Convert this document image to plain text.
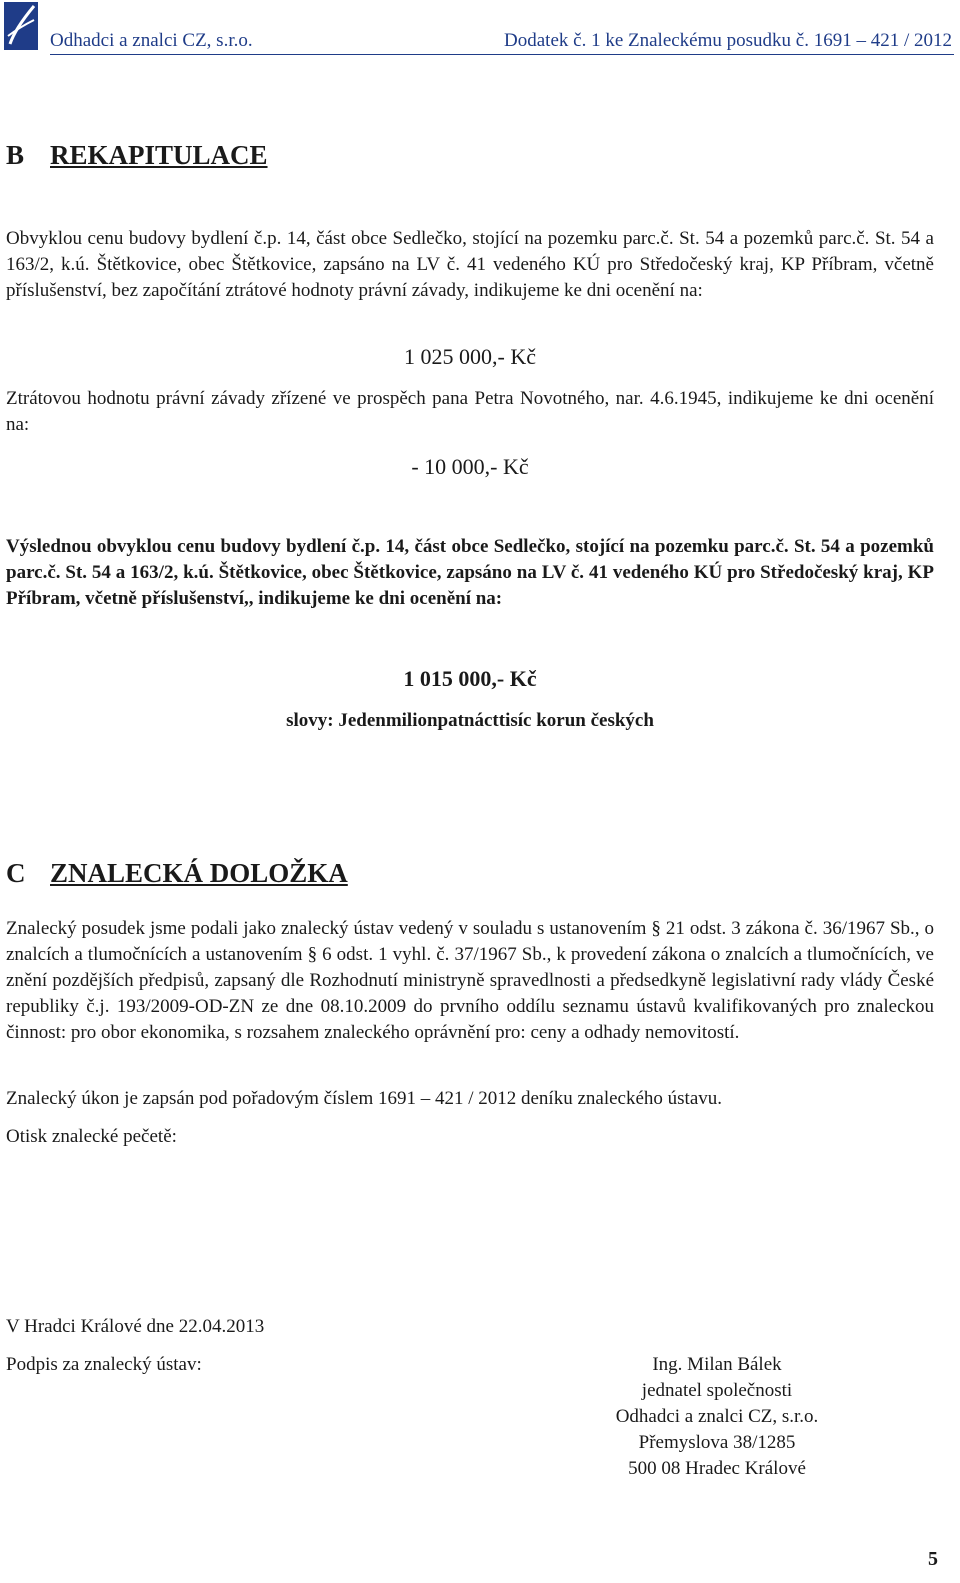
Odhadci a znalci CZ, s.r.o.	Dodatek č. 1 ke Znaleckému posudku č. 1691 – 421 / 2012
B REKAPITULACE
Obvyklou cenu budovy bydlení č.p. 14, část obce Sedlečko, stojící na pozemku parc.č. St. 54 a pozemků parc.č. St. 54 a 163/2, k.ú. Štětkovice, obec Štětkovice, zapsáno na LV č. 41 vedeného KÚ pro Středočeský kraj, KP Příbram, včetně příslušenství, bez započítání ztrátové hodnoty právní závady, indikujeme ke dni ocenění na:
1 025 000,- Kč
Ztrátovou hodnotu právní závady zřízené ve prospěch pana Petra Novotného, nar. 4.6.1945, indikujeme ke dni ocenění na:
- 10 000,- Kč
Výslednou obvyklou cenu budovy bydlení č.p. 14, část obce Sedlečko, stojící na pozemku parc.č. St. 54 a pozemků parc.č. St. 54 a 163/2, k.ú. Štětkovice, obec Štětkovice, zapsáno na LV č. 41 vedeného KÚ pro Středočeský kraj, KP Příbram, včetně příslušenství,, indikujeme ke dni ocenění na:
1 015 000,- Kč
slovy: Jedenmilionpatnácttisíc korun českých
C ZNALECKÁ DOLOŽKA
Znalecký posudek jsme podali jako znalecký ústav vedený v souladu s ustanovením § 21 odst. 3 zákona č. 36/1967 Sb., o znalcích a tlumočnících a ustanovením § 6 odst. 1 vyhl. č. 37/1967 Sb., k provedení zákona o znalcích a tlumočnících, ve znění pozdějších předpisů, zapsaný dle Rozhodnutí ministryně spravedlnosti a předsedkyně legislativní rady vlády České republiky č.j. 193/2009-OD-ZN ze dne 08.10.2009 do prvního oddílu seznamu ústavů kvalifikovaných pro znaleckou činnost: pro obor ekonomika, s rozsahem znaleckého oprávnění pro: ceny a odhady nemovitostí.
Znalecký úkon je zapsán pod pořadovým číslem 1691 – 421 / 2012 deníku znaleckého ústavu.
Otisk znalecké pečetě:
V Hradci Králové dne 22.04.2013
Podpis za znalecký ústav:	Ing. Milan Bálek
jednatel společnosti
Odhadci a znalci CZ, s.r.o.
Přemyslova 38/1285
500 08 Hradec Králové
5
